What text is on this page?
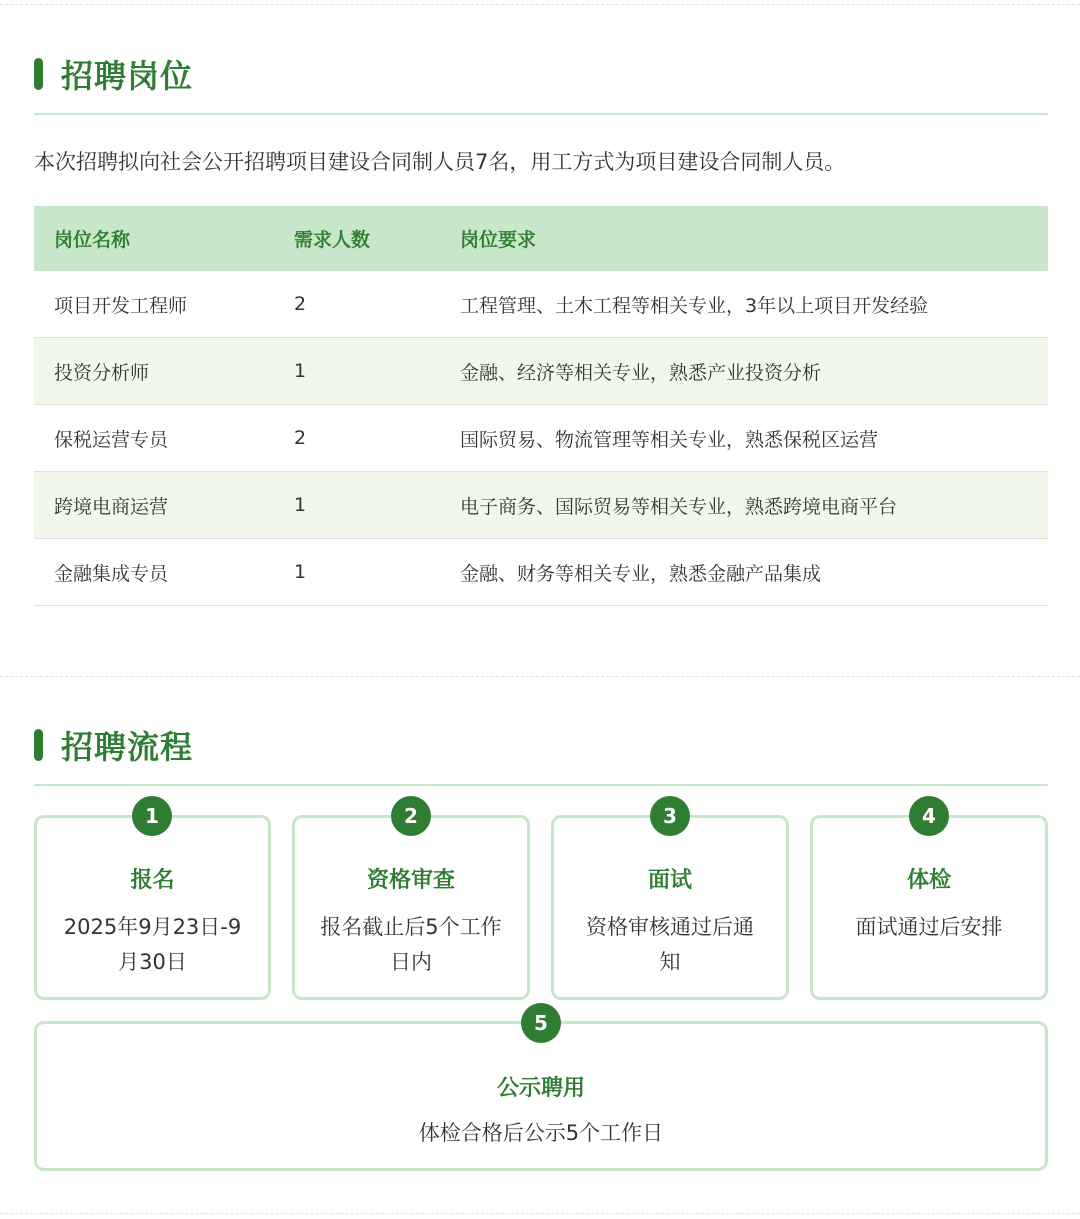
招聘岗位
本次招聘拟向社会公开招聘项目建设合同制人员7名，用工方式为项目建设合同制人员。
岗位名称	需求人数	岗位要求
项目开发工程师	2	工程管理、土木工程等相关专业，3年以上项目开发经验
投资分析师	1	金融、经济等相关专业，熟悉产业投资分析
保税运营专员	2	国际贸易、物流管理等相关专业，熟悉保税区运营
跨境电商运营	1	电子商务、国际贸易等相关专业，熟悉跨境电商平台
金融集成专员	1	金融、财务等相关专业，熟悉金融产品集成
招聘流程
报名
2025年9月23日-9
月30日
1
资格审查
报名截止后5个工作
日内
2
面试
资格审核通过后通
知
3
体检
面试通过后安排
4
公示聘用
体检合格后公示5个工作日
5
